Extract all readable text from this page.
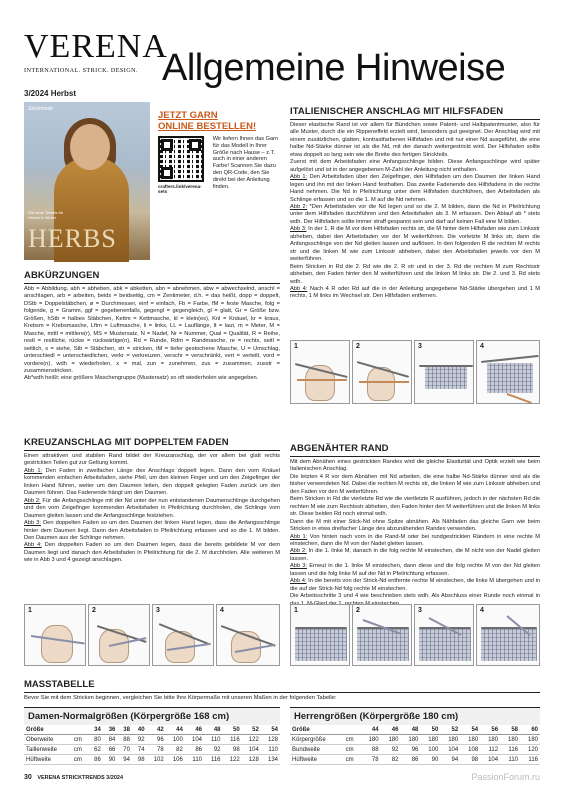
VERENA
INTERNATIONAL. STRICK. DESIGN.
3/2024 Herbst
Allgemeine Hinweise
Strickmode
Die neue Trends für Herbst & Winter
HERBS
JETZT GARN
ONLINE BESTELLEN!
crafters.link/verena-sets
Wir liefern Ihnen das Garn für das Modell in Ihrer Größe nach Hause – z.T. auch in einer anderen Farbe! Scannen Sie dazu den QR-Code, den Sie direkt bei der Anleitung finden.
ABKÜRZUNGEN

Abb = Abbildung, abh = abheben, abk = abketten, abn = abnehmen, abw = abwechselnd, anschl = anschlagen, arb = arbeiten, beids = beidseitig, cm = Zentimeter, d.h. = das heißt, dopp = doppelt, DStb = Doppelstäbchen, ø = Durchmesser, einf = einfach, Fb = Farbe, fM = feste Masche, folg = folgende, g = Gramm, ggf = gegebenenfalls, gegengl = gegengleich, gl = glatt, Gr = Größe bzw. Größen, hStb = halbes Stäbchen, Kettm = Kettmasche, kl = klein(es), Knl = Knäuel, kr = kraus, Krebsm = Krebsmasche, Lftm = Luftmasche, li = links, LL = Lauflänge, lt = laut, m = Meter, M = Masche, mittl = mittlere(r), MS = Mustersatz, N = Nadel, Nr = Nummer, Qual = Qualität, R = Reihe, restl = restliche, rückw = rückwärtige(n), Rd = Runde, Rdm = Randmasche, re = rechts, seitl = seitlich, s = siehe, Stb = Stäbchen, str = stricken, tM = tiefer gestochene Masche, U = Umschlag, unterschiedl = unterschiedlichen, verkr = verkreuzen, verschr = verschränkt, vert = verteilt, vord = vordere(n), wdh = wiederholen, x = mal, zun = zunehmen, zus = zusammen, zusstr = zusammenstricken.

Ab*wdh heißt: eine größere Maschengruppe (Mustersatz) so oft wiederholen wie angegeben.

KREUZANSCHLAG MIT DOPPELTEM FADEN

Einen attraktiven und stabilen Rand bildet der Kreuzanschlag, der vor allem bei glatt rechts gestrickten Teilen gut zur Geltung kommt.

Abb 1: Den Faden in zweifacher Länge des Anschlags doppelt legen. Dann den vom Knäuel kommenden einfachen Arbeitsfaden, siehe Pfeil, um den kleinen Finger und um den Zeigefinger der linken Hand führen, weiter um den Daumen leiten, den doppelt gelegten Faden zurück um den Daumen führen. Das Fadenende hängt um den Daumen.

Abb 2: Für die Anfangsschlinge mit der Nd unter der nun entstandenen Daumenschlinge durchgehen und den vom Zeigefinger kommenden Arbeitsfaden in Pfeilrichtung durchholen, die Schlinge vom Daumen gleiten lassen und die Anfangsschlinge festziehen.

Abb 3: Den doppelten Faden so um den Daumen der linken Hand legen, dass die Anfangsschlinge hinter dem Daumen liegt. Dann den Arbeitsfaden in Pfeilrichtung erfassen und so die 1. M bilden. Den Daumen aus der Schlinge nehmen.

Abb 4: Den doppelten Faden so um den Daumen legen, dass die bereits gebildete M vor dem Daumen liegt und danach den Arbeitsfaden in Pfeilrichtung für die 2. M durchholen. Alle weiteren M wie in Abb 3 und 4 gezeigt anschlagen.

1	2	3	4
ITALIENISCHER ANSCHLAG MIT HILFSFADEN

Dieser elastische Rand ist vor allem für Bündchen sowie Patent- und Halbpatentmuster, also für alle Muster, durch die ein Rippeneffekt erzielt wird, besonders gut geeignet. Der Anschlag wird mit einem zusätzlichen, glatten, kontrastfarbenen Hilfsfaden und mit nur einer Nd ausgeführt, die eine halbe Nd-Stärke dünner ist als die Nd, mit der danach weitergestrickt wird. Der Hilfsfaden sollte etwa doppelt so lang sein wie die Breite des fertigen Strickteils.

Zuerst mit dem Arbeitsfaden eine Anfangsschlinge bilden. Diese Anfangsschlinge wird später aufgelöst und ist in der angegebenen M-Zahl der Anleitung nicht enthalten.

Abb 1: Den Arbeitsfaden über den Zeigefinger, den Hilfsfaden um den Daumen der linken Hand legen und ihn mit der linken Hand festhalten. Das zweite Fadenende des Hilfsfadens in die rechte Hand nehmen. Die Nd in Pfeilrichtung unter dem Hilfsfaden durchführen, den Arbeitsfaden als Schlinge erfassen und so die 1. M auf die Nd nehmen.

Abb 2: *Den Arbeitsfaden vor die Nd legen und so die 2. M bilden, dann die Nd in Pfeilrichtung unter dem Hilfsfaden durchführen und den Arbeitsfaden als 3. M erfassen. Den Ablauf ab * stets wdh. Der Hilfsfaden sollte immer straff gespannt sein und darf auf keinen Fall eine M bilden.

Abb 3: In der 1. R die M vor dem Hilfsfaden rechts str, die M hinter dem Hilfsfaden wie zum Linksstr abheben, dabei den Arbeitsfaden vor der M weiterführen. Die vorletzte M links str, dann die Anfangsschlinge von der Nd gleiten lassen und auflösen. In den folgenden R die rechten M rechts str und die linken M wie zum Linksstr abheben, dabei den Arbeitsfaden jeweils vor den M weiterführen.

Beim Stricken in Rd die 2. Rd wie die 2. R str und in der 3. Rd die rechten M zum Rechtsstr abheben, den Faden hinter den M weiterführen und die linken M links str. Die 2. und 3. Rd stets wdh.

Abb 4: Nach 4 R oder Rd auf die in der Anleitung angegebene Nd-Stärke übergehen und 1 M rechts, 1 M links im Wechsel str. Den Hilfsfaden entfernen.

1	2	3	4
ABGENÄHTER RAND

Mit dem Abnähen eines gestrickten Randes wird die gleiche Elastizität und Optik erzielt wie beim Italienischen Anschlag.

Die letzten 4 R vor dem Abnähen mit Nd arbeiten, die eine halbe Nd-Stärke dünner sind als die bisher verwendeten Nd. Dabei die rechten M rechts str, die linken M wie zum Linksstr abheben und den Faden vor den M weiterführen.

Beim Stricken in Rd die vierletzte Rd wie die viertletzte R ausführen, jedoch in der nächsten Rd die rechten M wie zum Rechtsstr abheben, den Faden hinter den M weiterführen und die linken M links str. Diese beiden Rd noch einmal wdh.

Dann die M mit einer Stick-Nd ohne Spitze abnähen. Als Nähfaden das gleiche Garn wie beim Stricken in etwa dreifacher Länge des abzunähenden Randes verwenden.

Abb 1: Von hinten nach vorn in die Rand-M oder bei rundgestrickten Rändern in eine rechte M einstechen, dann die M von der Nadel gleiten lassen.

Abb 2: In die 1. linke M, danach in die folg rechte M einstechen, die M nicht von der Nadel gleiten lassen.

Abb 3: Erneut in die 1. linke M einstechen, dann diese und die folg rechte M von der Nd gleiten lassen und die folg linke M auf der Nd in Pfeilrichtung erfassen.

Abb 4: In die bereits von der Strick-Nd entfernte rechte M einstechen, die linke M übergehen und in die auf der Strick-Nd folg rechte M einstechen.

Die Arbeitsschritte 3 und 4 wie beschrieben stets wdh. Als Abschluss einer Runde noch einmal in

1	2	3	4
MASSTABELLE
Bevor Sie mit dem Stricken beginnen, vergleichen Sie bitte Ihre Körpermaße mit unseren Maßen in der folgenden Tabelle:
Damen-Normalgrößen (Körpergröße 168 cm)
Größe		34	36	38	40	42	44	46	48	50	52	54
Oberweite	cm	80	84	88	92	96	100	104	110	116	122	128
Taillenweite	cm	62	66	70	74	78	82	86	92	98	104	110
Hüftweite	cm	86	90	94	98	102	106	110	116	122	128	134
Herrengrößen (Körpergröße 180 cm)
Größe		44	46	48	50	52	54	56	58	60
Körpergröße	cm	180	180	180	180	180	180	180	180	180
Bundweite	cm	88	92	96	100	104	108	112	116	120
Hüftweite	cm	78	82	86	90	94	98	104	110	116
30 VERENA STRICKTRENDS 3/2024	PassionForum.ru
